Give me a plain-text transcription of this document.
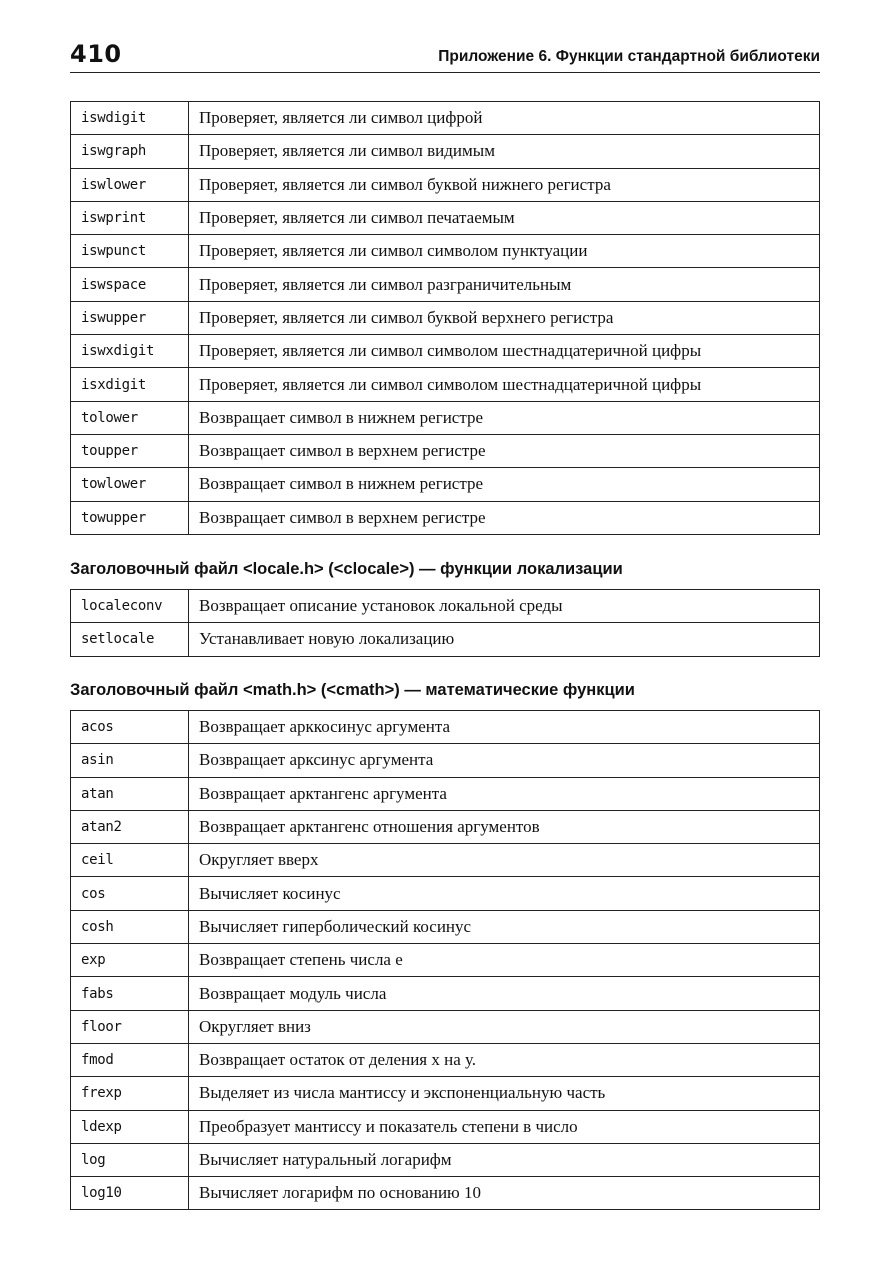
410	Приложение 6. Функции стандартной библиотеки
iswdigit	Проверяет, является ли символ цифрой
iswgraph	Проверяет, является ли символ видимым
iswlower	Проверяет, является ли символ буквой нижнего регистра
iswprint	Проверяет, является ли символ печатаемым
iswpunct	Проверяет, является ли символ символом пунктуации
iswspace	Проверяет, является ли символ разграничительным
iswupper	Проверяет, является ли символ буквой верхнего регистра
iswxdigit	Проверяет, является ли символ символом шестнадцатеричной цифры
isxdigit	Проверяет, является ли символ символом шестнадцатеричной цифры
tolower	Возвращает символ в нижнем регистре
toupper	Возвращает символ в верхнем регистре
towlower	Возвращает символ в нижнем регистре
towupper	Возвращает символ в верхнем регистре
Заголовочный файл <locale.h> (<clocale>) — функции локализации
localeconv	Возвращает описание установок локальной среды
setlocale	Устанавливает новую локализацию
Заголовочный файл <math.h> (<cmath>) — математические функции
acos	Возвращает арккосинус аргумента
asin	Возвращает арксинус аргумента
atan	Возвращает арктангенс аргумента
atan2	Возвращает арктангенс отношения аргументов
ceil	Округляет вверх
cos	Вычисляет косинус
cosh	Вычисляет гиперболический косинус
exp	Возвращает степень числа е
fabs	Возвращает модуль числа
floor	Округляет вниз
fmod	Возвращает остаток от деления х на у.
frexp	Выделяет из числа мантиссу и экспоненциальную часть
ldexp	Преобразует мантиссу и показатель степени в число
log	Вычисляет натуральный логарифм
log10	Вычисляет логарифм по основанию 10
